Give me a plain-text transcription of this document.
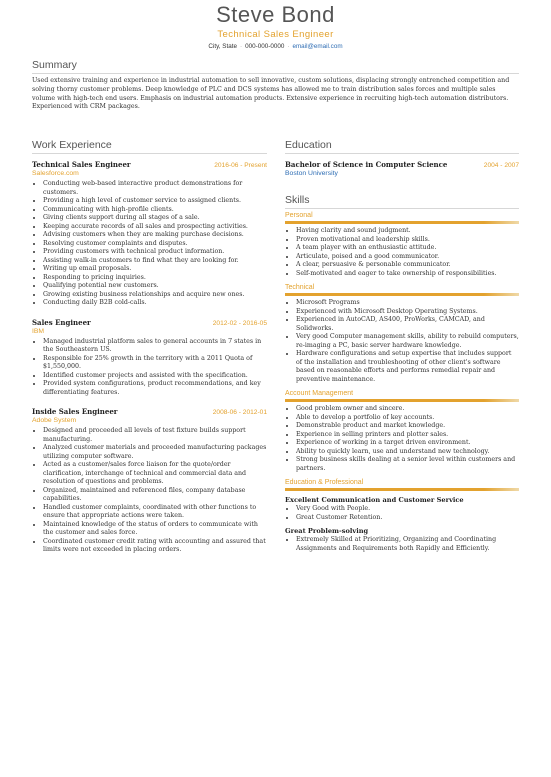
Steve Bond
Technical Sales Engineer
City, State · 000-000-0000 · email@email.com
Summary
Used extensive training and experience in industrial automation to sell innovative, custom solutions, displacing strongly entrenched competition and solving thorny customer problems. Deep knowledge of PLC and DCS systems has allowed me to train distribution sales forces and multiple sales volume with high-tech end users. Emphasis on industrial automation products. Extensive experience in recruiting high-tech automation distributors. Experienced with CRM packages.
Work Experience
Technical Sales Engineer	2016-06 - Present
Salesforce.com
• Conducting web-based interactive product demonstrations for customers.
• Providing a high level of customer service to assigned clients.
• Communicating with high-profile clients.
• Giving clients support during all stages of a sale.
• Keeping accurate records of all sales and prospecting activities.
• Advising customers when they are making purchase decisions.
• Resolving customer complaints and disputes.
• Providing customers with technical product information.
• Assisting walk-in customers to find what they are looking for.
• Writing up email proposals.
• Responding to pricing inquiries.
• Qualifying potential new customers.
• Growing existing business relationships and acquire new ones.
• Conducting daily B2B cold-calls.
Sales Engineer	2012-02 - 2016-05
IBM
• Managed industrial platform sales to general accounts in 7 states in the Southeastern US.
• Responsible for 25% growth in the territory with a 2011 Quota of $1,550,000.
• Identified customer projects and assisted with the specification.
• Provided system configurations, product recommendations, and key differentiating features.
Inside Sales Engineer	2008-06 - 2012-01
Adobe System
• Designed and proceeded all levels of test fixture builds support manufacturing.
• Analyzed customer materials and proceeded manufacturing packages utilizing computer software.
• Acted as a customer/sales force liaison for the quote/order clarification, interchange of technical and commercial data and resolution of questions and problems.
• Organized, maintained and referenced files, company database capabilities.
• Handled customer complaints, coordinated with other functions to ensure that appropriate actions were taken.
• Maintained knowledge of the status of orders to communicate with the customer and sales force.
• Coordinated customer credit rating with accounting and assured that limits were not exceeded in placing orders.
Education
Bachelor of Science in Computer Science	2004 - 2007
Boston University
Skills
Personal
• Having clarity and sound judgment.
• Proven motivational and leadership skills.
• A team player with an enthusiastic attitude.
• Articulate, poised and a good communicator.
• A clear, persuasive & personable communicator.
• Self-motivated and eager to take ownership of responsibilities.
Technical
• Microsoft Programs
• Experienced with Microsoft Desktop Operating Systems.
• Experienced in AutoCAD, AS400, ProWorks, CAMCAD, and Solidworks.
• Very good Computer management skills, ability to rebuild computers, re-imaging a PC, basic server hardware knowledge.
• Hardware configurations and setup expertise that includes support of the installation and troubleshooting of other client's software based on reasonable efforts and performs remedial repair and preventive maintenance.
Account Management
• Good problem owner and sincere.
• Able to develop a portfolio of key accounts.
• Demonstrable product and market knowledge.
• Experience in selling printers and plotter sales.
• Experience of working in a target driven environment.
• Ability to quickly learn, use and understand new technology.
• Strong business skills dealing at a senior level within customers and partners.
Education & Professional
Excellent Communication and Customer Service
• Very Good with People.
• Great Customer Retention.
Great Problem-solving
• Extremely Skilled at Prioritizing, Organizing and Coordinating Assignments and Requirements both Rapidly and Efficiently.
